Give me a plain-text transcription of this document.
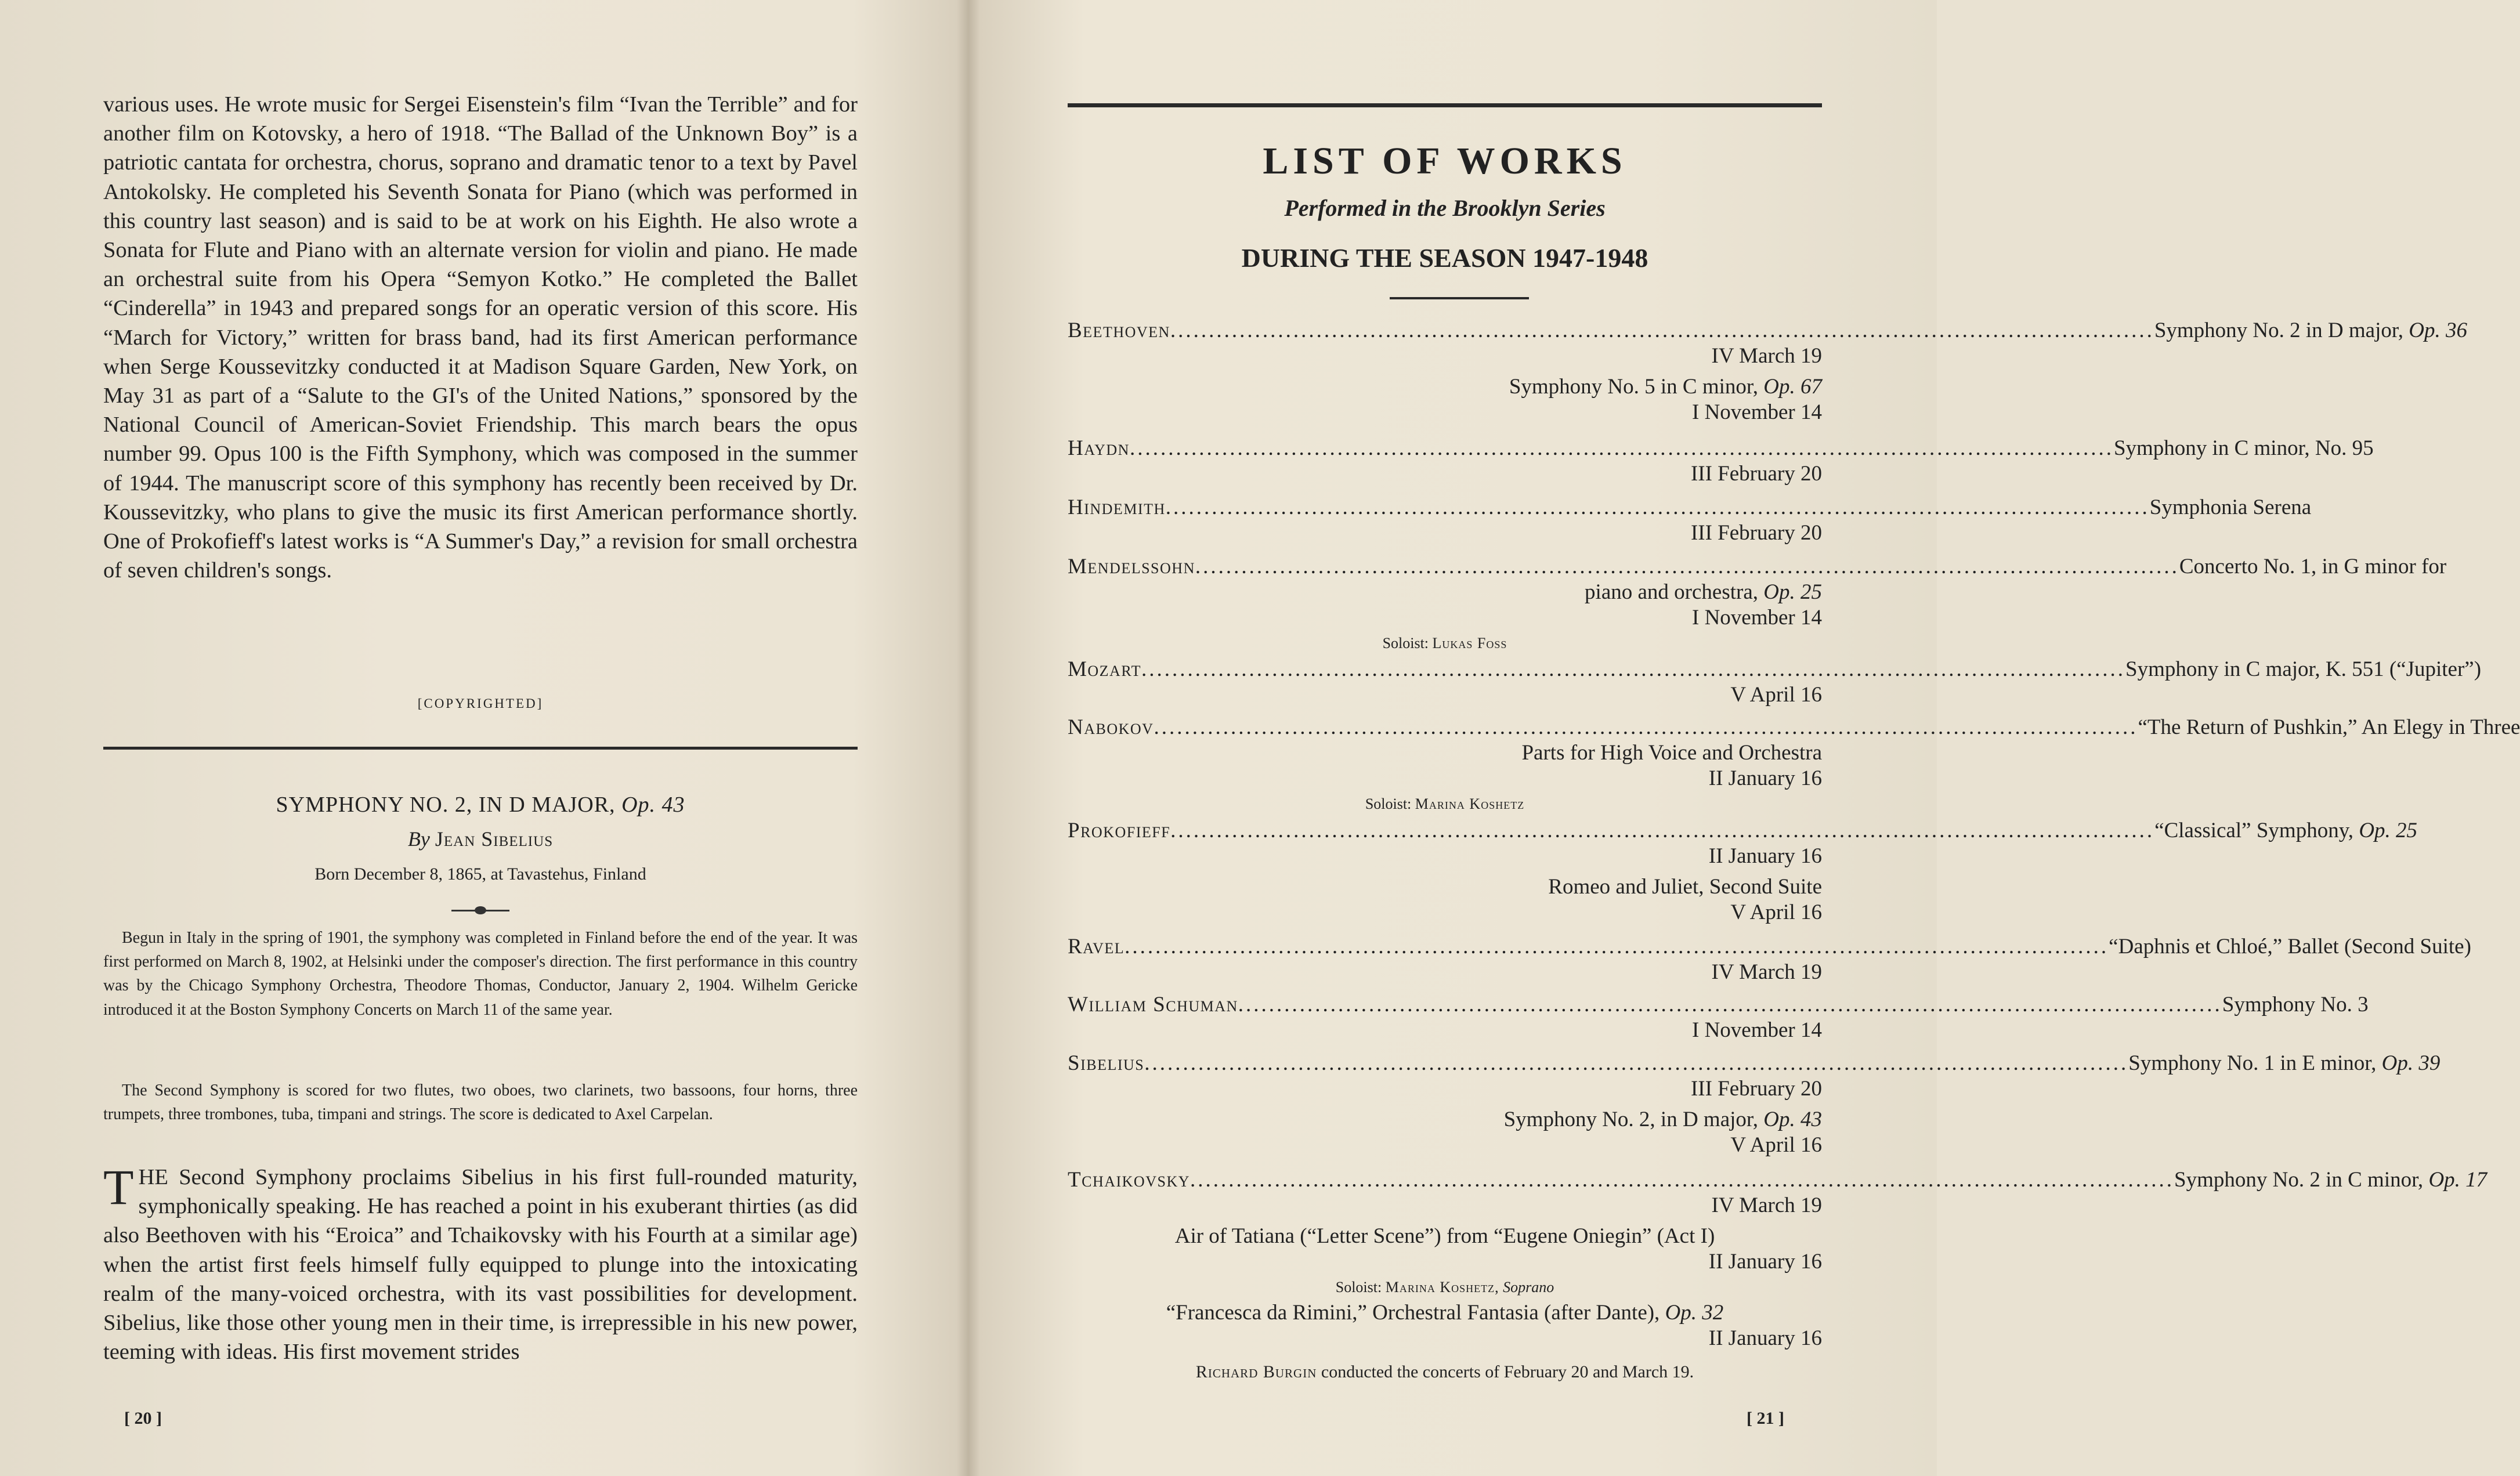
various uses. He wrote music for Sergei Eisenstein's film “Ivan the Terrible” and for another film on Kotovsky, a hero of 1918. “The Ballad of the Unknown Boy” is a patriotic cantata for orchestra, chorus, soprano and dramatic tenor to a text by Pavel Antokolsky. He completed his Seventh Sonata for Piano (which was performed in this country last season) and is said to be at work on his Eighth. He also wrote a Sonata for Flute and Piano with an alternate version for violin and piano. He made an orchestral suite from his Opera “Semyon Kotko.” He completed the Ballet “Cinderella” in 1943 and prepared songs for an operatic version of this score. His “March for Victory,” written for brass band, had its first American performance when Serge Koussevitzky conducted it at Madison Square Garden, New York, on May 31 as part of a “Salute to the GI's of the United Nations,” sponsored by the National Council of American-Soviet Friendship. This march bears the opus number 99. Opus 100 is the Fifth Symphony, which was composed in the summer of 1944. The manuscript score of this symphony has recently been received by Dr. Koussevitzky, who plans to give the music its first American performance shortly. One of Prokofieff's latest works is “A Summer's Day,” a revision for small orchestra of seven children's songs.
[COPYRIGHTED]
SYMPHONY NO. 2, IN D MAJOR, Op. 43
By Jean Sibelius
Born December 8, 1865, at Tavastehus, Finland
Begun in Italy in the spring of 1901, the symphony was completed in Finland before the end of the year. It was first performed on March 8, 1902, at Helsinki under the composer's direction. The first performance in this country was by the Chicago Symphony Orchestra, Theodore Thomas, Conductor, January 2, 1904. Wilhelm Gericke introduced it at the Boston Symphony Concerts on March 11 of the same year.
The Second Symphony is scored for two flutes, two oboes, two clarinets, two bassoons, four horns, three trumpets, three trombones, tuba, timpani and strings. The score is dedicated to Axel Carpelan.
THE Second Symphony proclaims Sibelius in his first full-rounded maturity, symphonically speaking. He has reached a point in his exuberant thirties (as did also Beethoven with his “Eroica” and Tchaikovsky with his Fourth at a similar age) when the artist first feels himself fully equipped to plunge into the intoxicating realm of the many-voiced orchestra, with its vast possibilities for development. Sibelius, like those other young men in their time, is irrepressible in his new power, teeming with ideas. His first movement strides
[ 20 ]
LIST OF WORKS
Performed in the Brooklyn Series
DURING THE SEASON 1947-1948
Beethoven ................................................................................................................................ Symphony No. 2 in D major, Op. 36
IV March 19
Symphony No. 5 in C minor, Op. 67
I November 14
Haydn ................................................................................................................................ Symphony in C minor, No. 95
III February 20
Hindemith ................................................................................................................................ Symphonia Serena
III February 20
Mendelssohn ................................................................................................................................ Concerto No. 1, in G minor for
piano and orchestra, Op. 25
I November 14
Soloist: Lukas Foss
Mozart ................................................................................................................................ Symphony in C major, K. 551 (“Jupiter”)
V April 16
Nabokov ................................................................................................................................ “The Return of Pushkin,” An Elegy in Three
Parts for High Voice and Orchestra
II January 16
Soloist: Marina Koshetz
Prokofieff ................................................................................................................................ “Classical” Symphony, Op. 25
II January 16
Romeo and Juliet, Second Suite
V April 16
Ravel ................................................................................................................................ “Daphnis et Chloé,” Ballet (Second Suite)
IV March 19
William Schuman ................................................................................................................................ Symphony No. 3
I November 14
Sibelius ................................................................................................................................ Symphony No. 1 in E minor, Op. 39
III February 20
Symphony No. 2, in D major, Op. 43
V April 16
Tchaikovsky ................................................................................................................................ Symphony No. 2 in C minor, Op. 17
IV March 19
Air of Tatiana (“Letter Scene”) from “Eugene Oniegin” (Act I)
II January 16
Soloist: Marina Koshetz, Soprano
“Francesca da Rimini,” Orchestral Fantasia (after Dante), Op. 32
II January 16
Richard Burgin conducted the concerts of February 20 and March 19.
[ 21 ]
